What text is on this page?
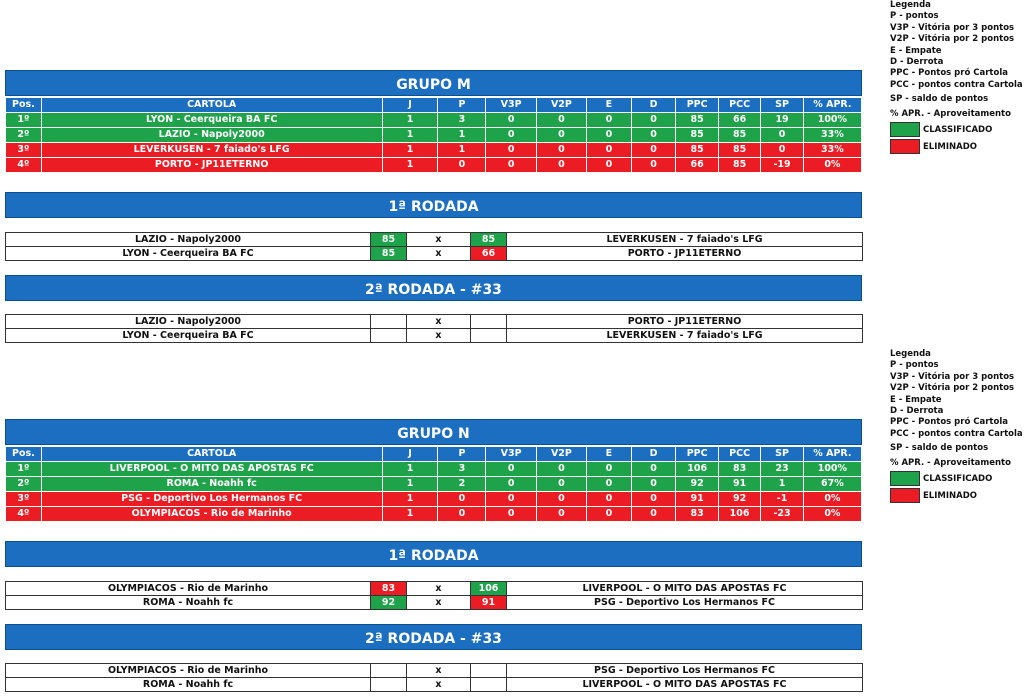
GRUPO M
Pos.	CARTOLA	J	P	V3P	V2P	E	D	PPC	PCC	SP	% APR.
1º	LYON - Ceerqueira BA FC	1	3	0	0	0	0	85	66	19	100%
2º	LAZIO - Napoly2000	1	1	0	0	0	0	85	85	0	33%
3º	LEVERKUSEN - 7 faiado's LFG	1	1	0	0	0	0	85	85	0	33%
4º	PORTO - JP11ETERNO	1	0	0	0	0	0	66	85	-19	0%
1ª RODADA
LAZIO - Napoly2000	85	x	85	LEVERKUSEN - 7 faiado's LFG
LYON - Ceerqueira BA FC	85	x	66	PORTO - JP11ETERNO
2ª RODADA - #33
LAZIO - Napoly2000		x		PORTO - JP11ETERNO
LYON - Ceerqueira BA FC		x		LEVERKUSEN - 7 faiado's LFG
Legenda
P - pontos
V3P - Vitória por 3 pontos
V2P - Vitória por 2 pontos
E - Empate
D - Derrota
PPC - Pontos pró Cartola
PCC - pontos contra Cartola
SP - saldo de pontos
% APR. - Aproveitamento
CLASSIFICADO
ELIMINADO
GRUPO N
Pos.	CARTOLA	J	P	V3P	V2P	E	D	PPC	PCC	SP	% APR.
1º	LIVERPOOL - O MITO DAS APOSTAS FC	1	3	0	0	0	0	106	83	23	100%
2º	ROMA - Noahh fc	1	2	0	0	0	0	92	91	1	67%
3º	PSG - Deportivo Los Hermanos FC	1	0	0	0	0	0	91	92	-1	0%
4º	OLYMPIACOS - Rio de Marinho	1	0	0	0	0	0	83	106	-23	0%
1ª RODADA
OLYMPIACOS - Rio de Marinho	83	x	106	LIVERPOOL - O MITO DAS APOSTAS FC
ROMA - Noahh fc	92	x	91	PSG - Deportivo Los Hermanos FC
2ª RODADA - #33
OLYMPIACOS - Rio de Marinho		x		PSG - Deportivo Los Hermanos FC
ROMA - Noahh fc		x		LIVERPOOL - O MITO DAS APOSTAS FC
Legenda
P - pontos
V3P - Vitória por 3 pontos
V2P - Vitória por 2 pontos
E - Empate
D - Derrota
PPC - Pontos pró Cartola
PCC - pontos contra Cartola
SP - saldo de pontos
% APR. - Aproveitamento
CLASSIFICADO
ELIMINADO
